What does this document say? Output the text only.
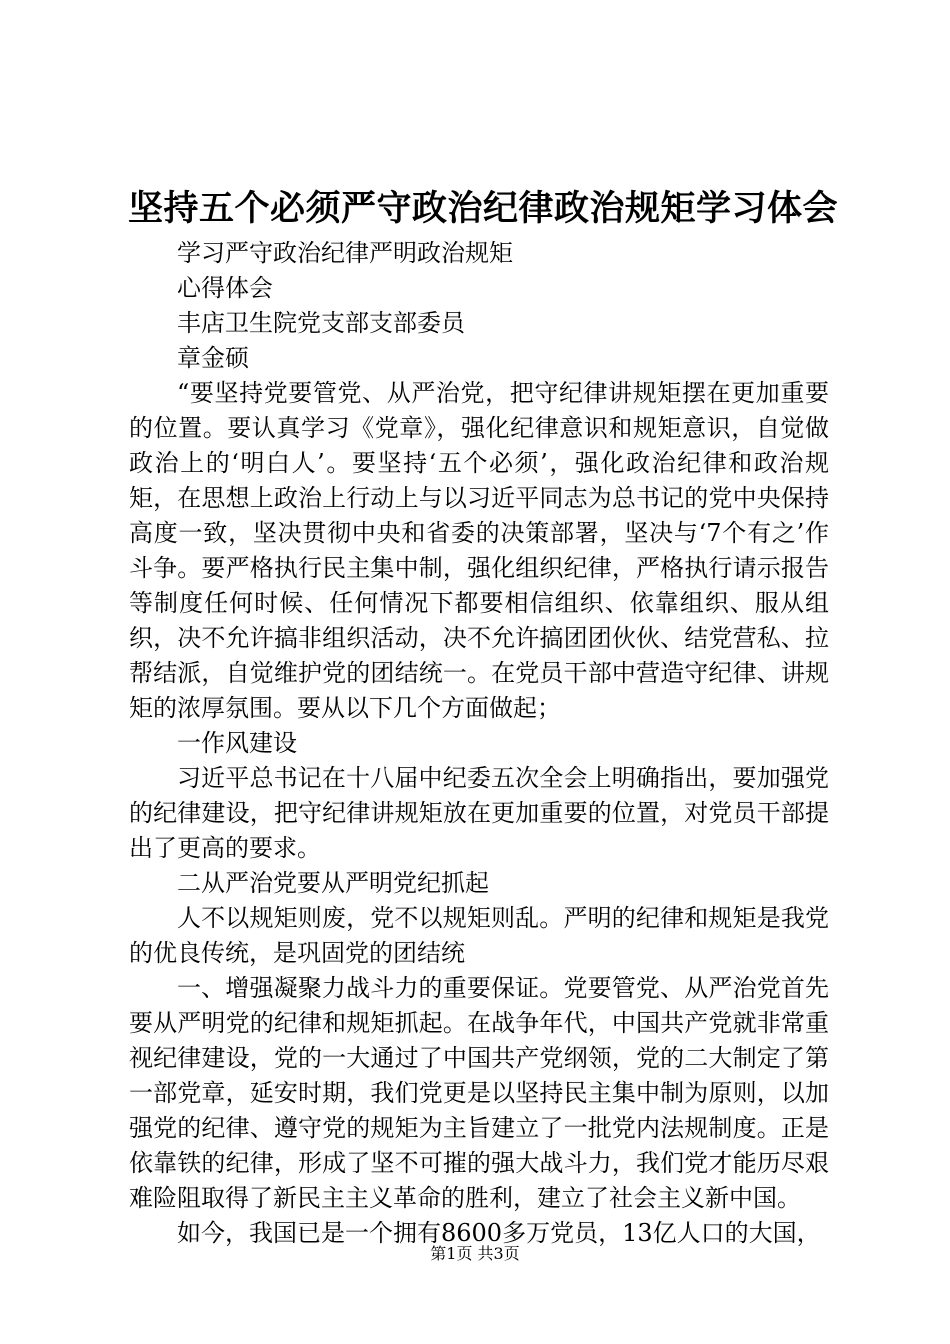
坚持五个必须严守政治纪律政治规矩学习体会

学习严守政治纪律严明政治规矩

心得体会

丰店卫生院党支部支部委员

章金硕

“要坚持党要管党、从严治党，把守纪律讲规矩摆在更加重要的位置。要认真学习《党章》，强化纪律意识和规矩意识，自觉做政治上的‘明白人’。要坚持‘五个必须’，强化政治纪律和政治规矩，在思想上政治上行动上与以习近平同志为总书记的党中央保持高度一致，坚决贯彻中央和省委的决策部署，坚决与‘7个有之’作斗争。要严格执行民主集中制，强化组织纪律，严格执行请示报告等制度任何时候、任何情况下都要相信组织、依靠组织、服从组织，决不允许搞非组织活动，决不允许搞团团伙伙、结党营私、拉帮结派，自觉维护党的团结统一。在党员干部中营造守纪律、讲规矩的浓厚氛围。要从以下几个方面做起；

一作风建设

习近平总书记在十八届中纪委五次全会上明确指出，要加强党的纪律建设，把守纪律讲规矩放在更加重要的位置，对党员干部提出了更高的要求。

二从严治党要从严明党纪抓起

人不以规矩则废，党不以规矩则乱。严明的纪律和规矩是我党的优良传统，是巩固党的团结统

一、增强凝聚力战斗力的重要保证。党要管党、从严治党首先要从严明党的纪律和规矩抓起。在战争年代，中国共产党就非常重视纪律建设，党的一大通过了中国共产党纲领，党的二大制定了第一部党章，延安时期，我们党更是以坚持民主集中制为原则，以加强党的纪律、遵守党的规矩为主旨建立了一批党内法规制度。正是依靠铁的纪律，形成了坚不可摧的强大战斗力，我们党才能历尽艰难险阻取得了新民主主义革命的胜利，建立了社会主义新中国。

如今，我国已是一个拥有8600多万党员，13亿人口的大国，

第1页 共3页
